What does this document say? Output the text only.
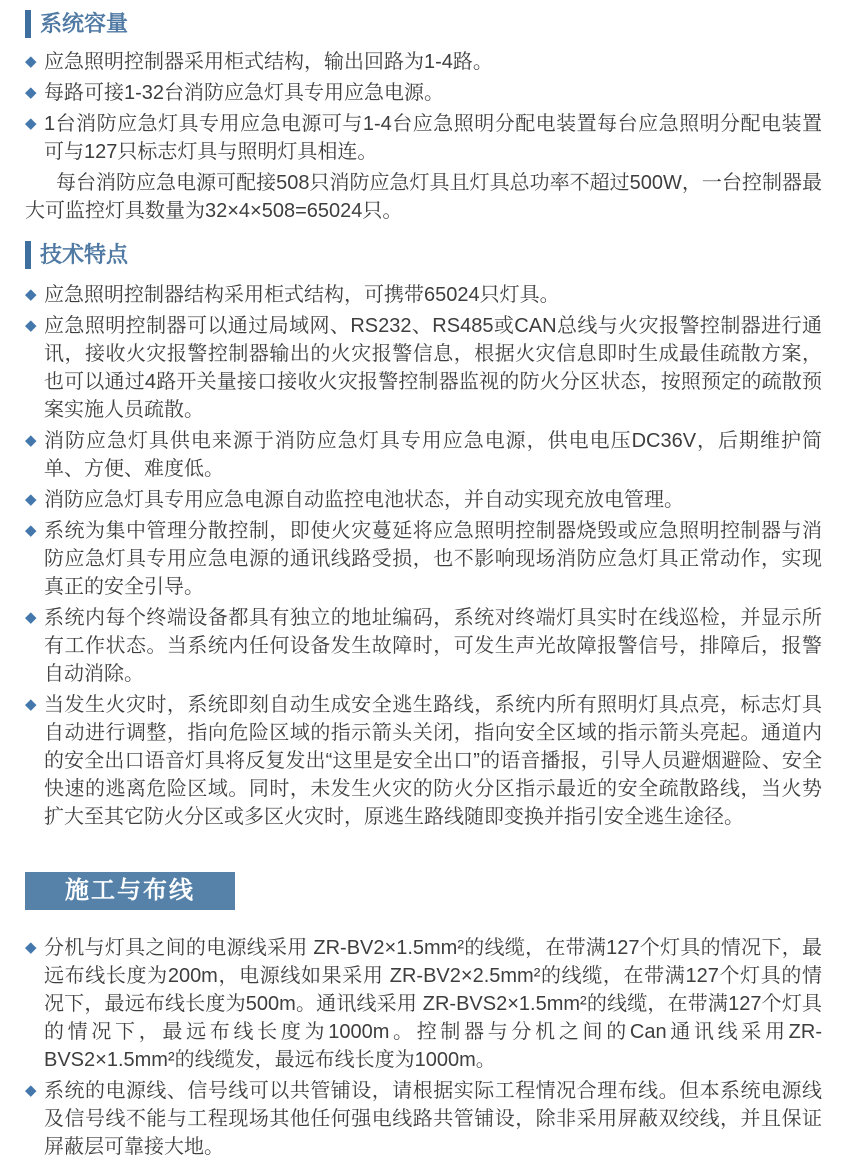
系统容量
◆ 应急照明控制器采用柜式结构，输出回路为1-4路。
◆ 每路可接1-32台消防应急灯具专用应急电源。
◆ 1台消防应急灯具专用应急电源可与1-4台应急照明分配电装置每台应急照明分配电装置可与127只标志灯具与照明灯具相连。

每台消防应急电源可配接508只消防应急灯具且灯具总功率不超过500W，一台控制器最大可监控灯具数量为32×4×508=65024只。

技术特点
◆ 应急照明控制器结构采用柜式结构，可携带65024只灯具。
◆ 应急照明控制器可以通过局域网、RS232、RS485或CAN总线与火灾报警控制器进行通讯，接收火灾报警控制器输出的火灾报警信息，根据火灾信息即时生成最佳疏散方案，也可以通过4路开关量接口接收火灾报警控制器监视的防火分区状态，按照预定的疏散预案实施人员疏散。
◆ 消防应急灯具供电来源于消防应急灯具专用应急电源，供电电压DC36V，后期维护简单、方便、难度低。
◆ 消防应急灯具专用应急电源自动监控电池状态，并自动实现充放电管理。
◆ 系统为集中管理分散控制，即使火灾蔓延将应急照明控制器烧毁或应急照明控制器与消防应急灯具专用应急电源的通讯线路受损，也不影响现场消防应急灯具正常动作，实现真正的安全引导。
◆ 系统内每个终端设备都具有独立的地址编码，系统对终端灯具实时在线巡检，并显示所有工作状态。当系统内任何设备发生故障时，可发生声光故障报警信号，排障后，报警自动消除。
◆ 当发生火灾时，系统即刻自动生成安全逃生路线，系统内所有照明灯具点亮，标志灯具自动进行调整，指向危险区域的指示箭头关闭，指向安全区域的指示箭头亮起。通道内的安全出口语音灯具将反复发出“这里是安全出口”的语音播报，引导人员避烟避险、安全快速的逃离危险区域。同时，未发生火灾的防火分区指示最近的安全疏散路线，当火势扩大至其它防火分区或多区火灾时，原逃生路线随即变换并指引安全逃生途径。
施工与布线
◆ 分机与灯具之间的电源线采用 ZR-BV2×1.5mm²的线缆，在带满127个灯具的情况下，最远布线长度为200m，电源线如果采用 ZR-BV2×2.5mm²的线缆，在带满127个灯具的情况下，最远布线长度为500m。通讯线采用 ZR-BVS2×1.5mm²的线缆，在带满127个灯具的情况下，最远布线长度为1000m。控制器与分机之间的Can通讯线采用ZR-BVS2×1.5mm²的线缆发，最远布线长度为1000m。
◆ 系统的电源线、信号线可以共管铺设，请根据实际工程情况合理布线。但本系统电源线及信号线不能与工程现场其他任何强电线路共管铺设，除非采用屏蔽双绞线，并且保证屏蔽层可靠接大地。
